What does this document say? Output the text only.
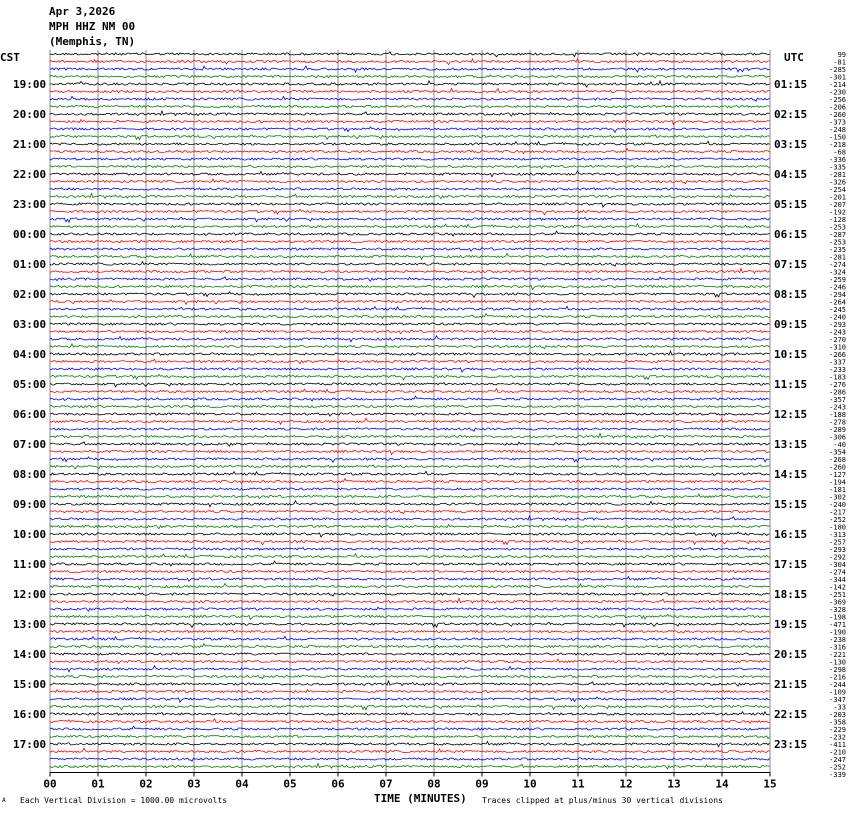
Apr 3,2026
MPH HHZ NM 00
(Memphis, TN)
CST	UTC
19:00
20:00
21:00
22:00
23:00
00:00
01:00
02:00
03:00
04:00
05:00
06:00
07:00
08:00
09:00
10:00
11:00
12:00
13:00
14:00
15:00
16:00
17:00
01:15
02:15
03:15
04:15
05:15
06:15
07:15
08:15
09:15
10:15
11:15
12:15
13:15
14:15
15:15
16:15
17:15
18:15
19:15
20:15
21:15
22:15
23:15
99
-81
-285
-301
-214
-230
-256
-206
-260
-373
-248
-150
-218
-68
-336
-335
-281
-326
-254
-201
-207
-192
-128
-253
-287
-253
-235
-281
-274
-324
-259
-246
-294
-264
-245
-240
-293
-243
-270
-310
-266
-337
-233
-183
-276
-286
-357
-243
-188
-278
-289
-306
-40
-354
-268
-260
-127
-194
-181
-302
-240
-217
-252
-180
-313
-257
-293
-292
-304
-274
-344
-142
-251
-369
-328
-198
-471
-190
-238
-316
-221
-130
-298
-216
-244
-109
-347
-33
-203
-358
-229
-232
-411
-210
-247
-252
-339
00	01	02	03	04	05	06	07	08	09	10	11	12	13	14	15
A Each Vertical Division = 1000.00 microvolts	TIME (MINUTES) Traces clipped at plus/minus 30 vertical divisions
